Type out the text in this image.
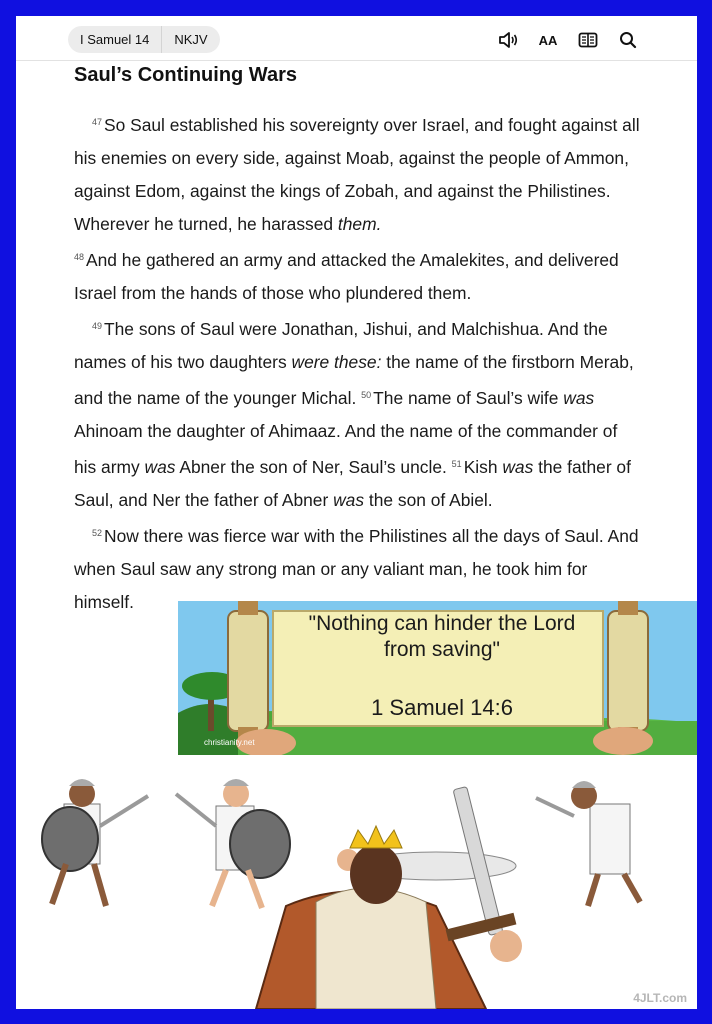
I Samuel 14	NKJV	AA
Saul’s Continuing Wars

$^{47}$ So Saul established his sovereignty over Israel, and fought against all his enemies on every side, against Moab, against the people of Ammon, against Edom, against the kings of Zobah, and against the Philistines. Wherever he turned, he harassed them.
$^{48}$ And he gathered an army and attacked the Amalekites, and delivered Israel from the hands of those who plundered them.

$^{49}$ The sons of Saul were Jonathan, Jishui, and Malchishua. And the names of his two daughters were these: the name of the firstborn Merab, and the name of the younger Michal. $^{50}$ The name of Saul’s wife was Ahinoam the daughter of Ahimaaz. And the name of the commander of his army was Abner the son of Ner, Saul’s uncle. $^{51}$ Kish was the father of Saul, and Ner the father of Abner was the son of Abiel.

$^{52}$ Now there was fierce war with the Philistines all the days of Saul. And when Saul saw any strong man or any valiant man, he took him for himself.

"Nothing can hinder the Lord
from saving"
1 Samuel 14:6
christianity.net
4JLT.com
